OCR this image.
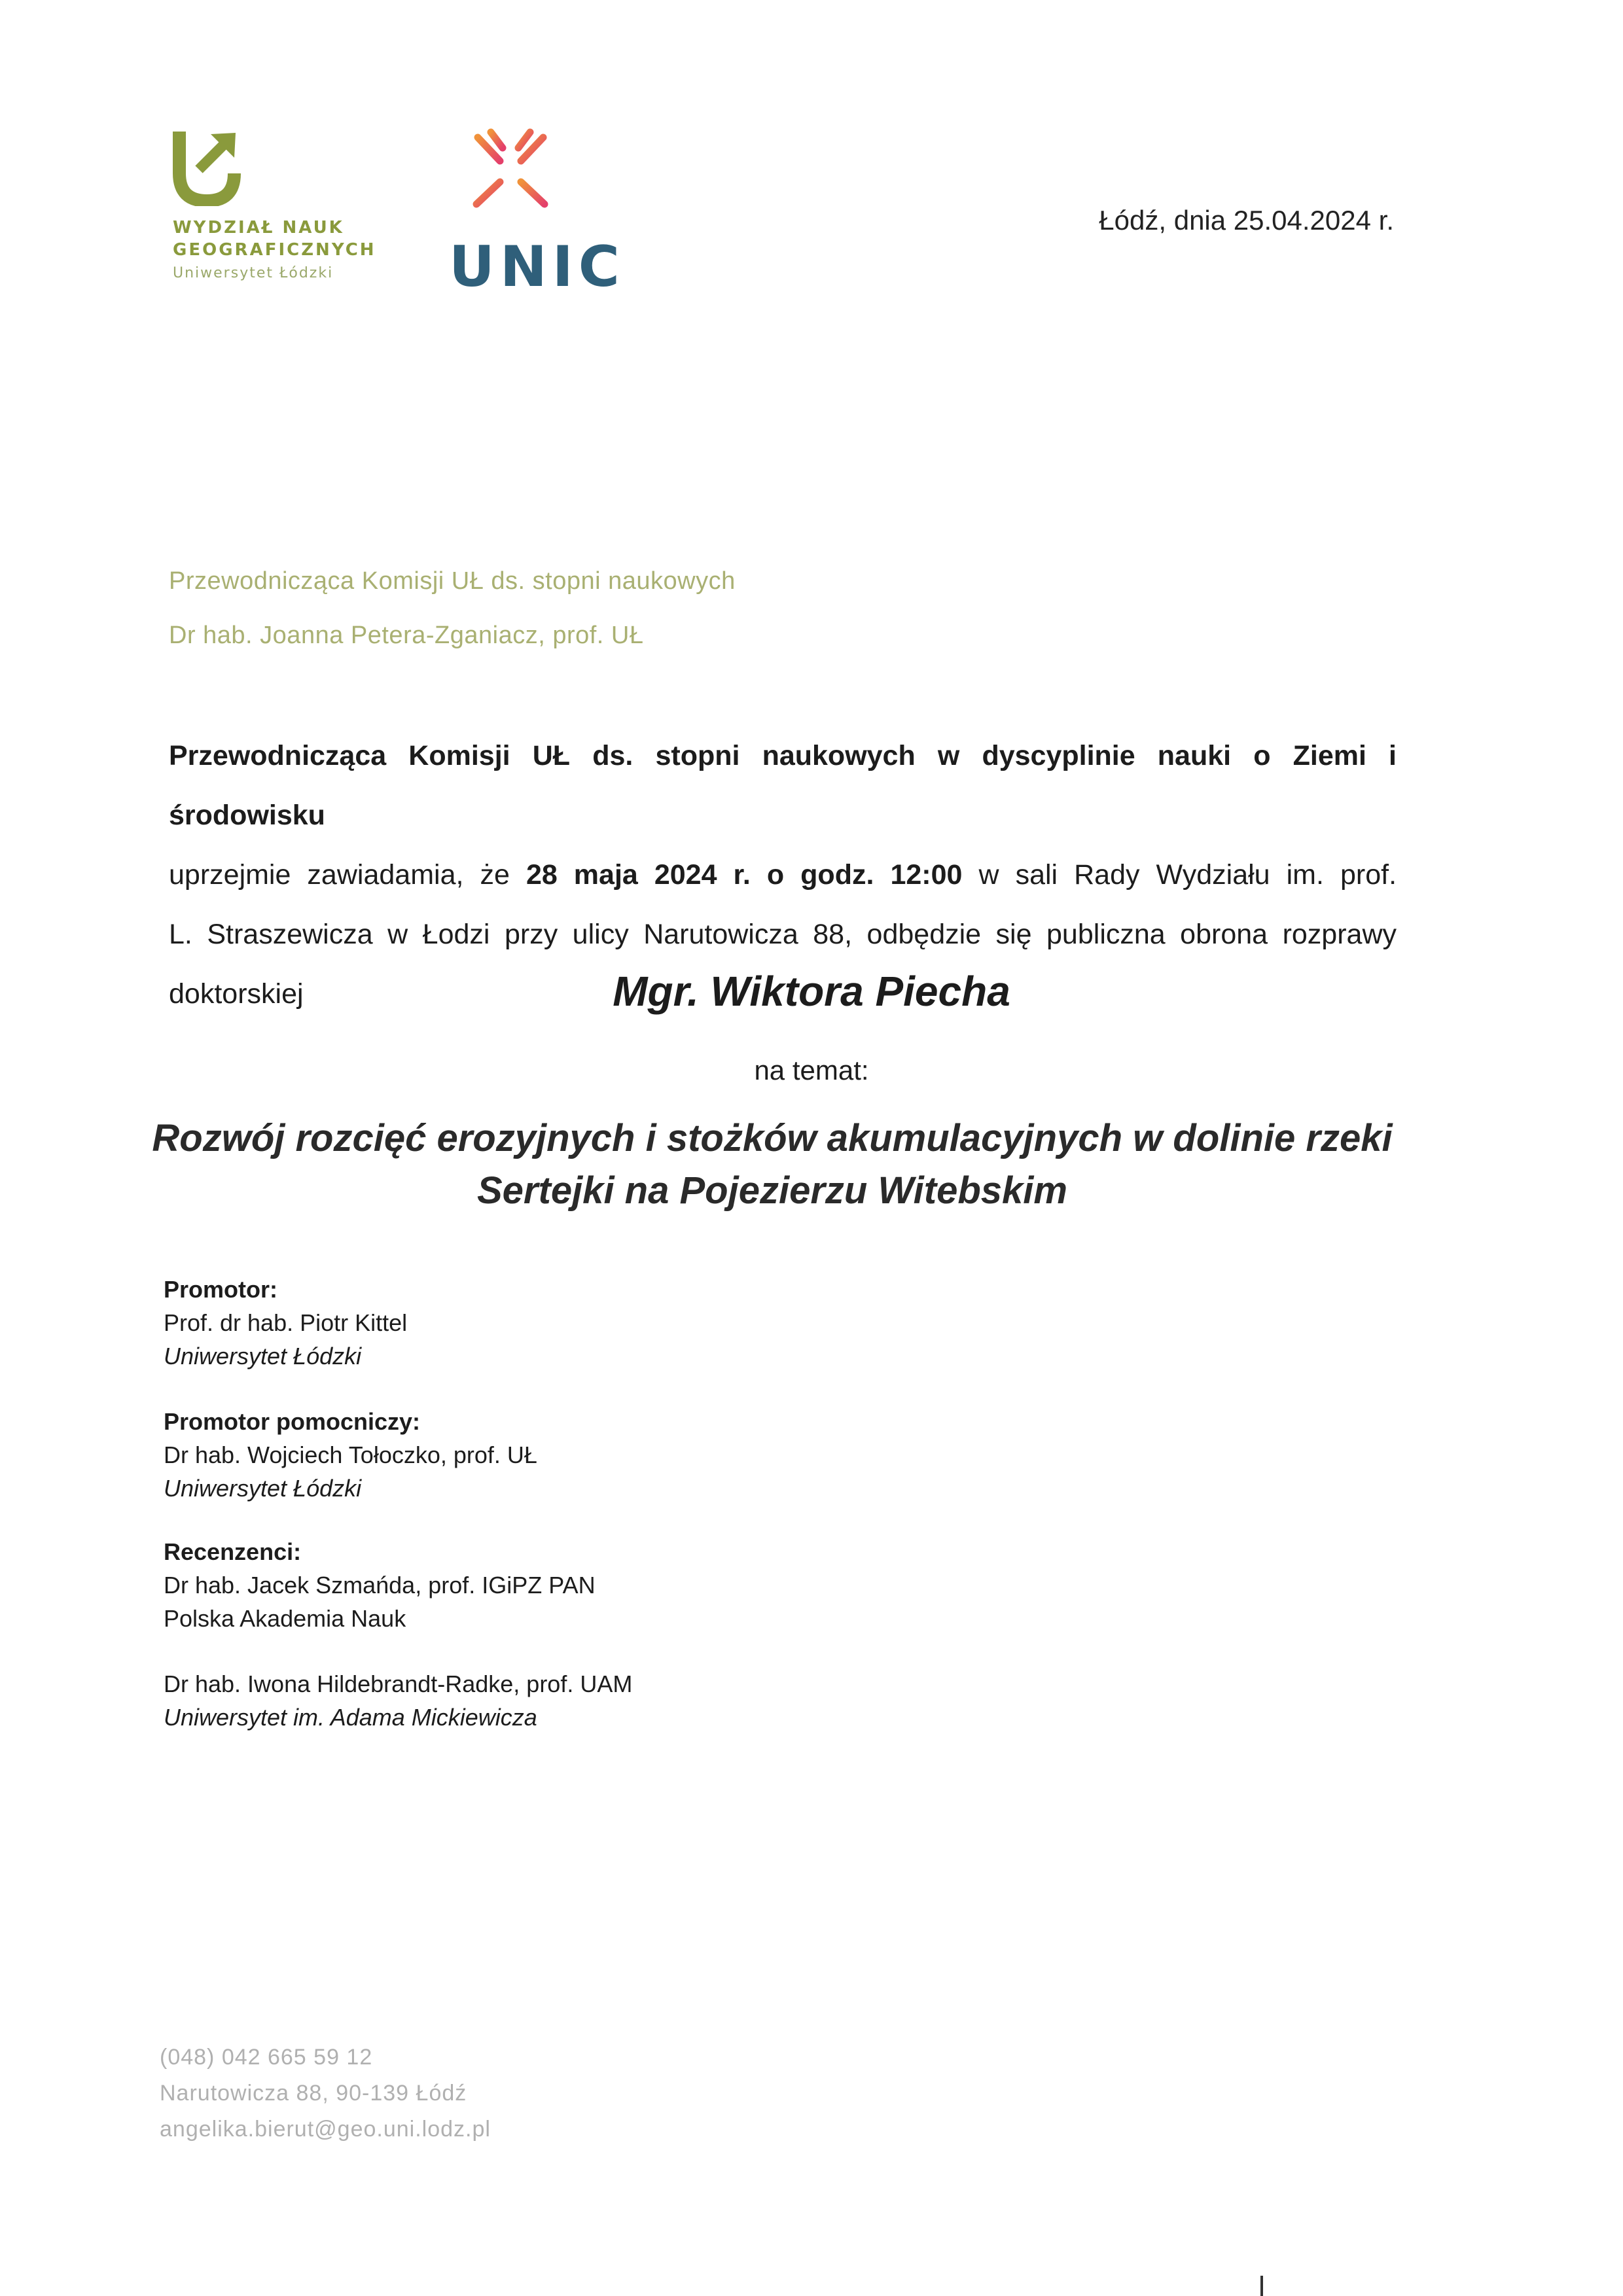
WYDZIAŁ NAUK
GEOGRAFICZNYCH
Uniwersytet Łódzki UNIC
Łódź, dnia 25.04.2024 r.
Przewodnicząca Komisji UŁ ds. stopni naukowych
Dr hab. Joanna Petera-Zganiacz, prof. UŁ
Przewodnicząca Komisji UŁ ds. stopni naukowych w dyscyplinie nauki o Ziemi i środowisku
uprzejmie zawiadamia, że 28 maja 2024 r. o godz. 12:00 w sali Rady Wydziału im. prof.
L. Straszewicza w Łodzi przy ulicy Narutowicza 88, odbędzie się publiczna obrona rozprawy
doktorskiej	Mgr. Wiktora Piecha
na temat:
Rozwój rozcięć erozyjnych i stożków akumulacyjnych w dolinie rzeki
Sertejki na Pojezierzu Witebskim
Promotor:
Prof. dr hab. Piotr Kittel
Uniwersytet Łódzki
Promotor pomocniczy:
Dr hab. Wojciech Tołoczko, prof. UŁ
Uniwersytet Łódzki
Recenzenci:
Dr hab. Jacek Szmańda, prof. IGiPZ PAN
Polska Akademia Nauk
Dr hab. Iwona Hildebrandt-Radke, prof. UAM
Uniwersytet im. Adama Mickiewicza
(048) 042 665 59 12
Narutowicza 88, 90-139 Łódź
angelika.bierut@geo.uni.lodz.pl
